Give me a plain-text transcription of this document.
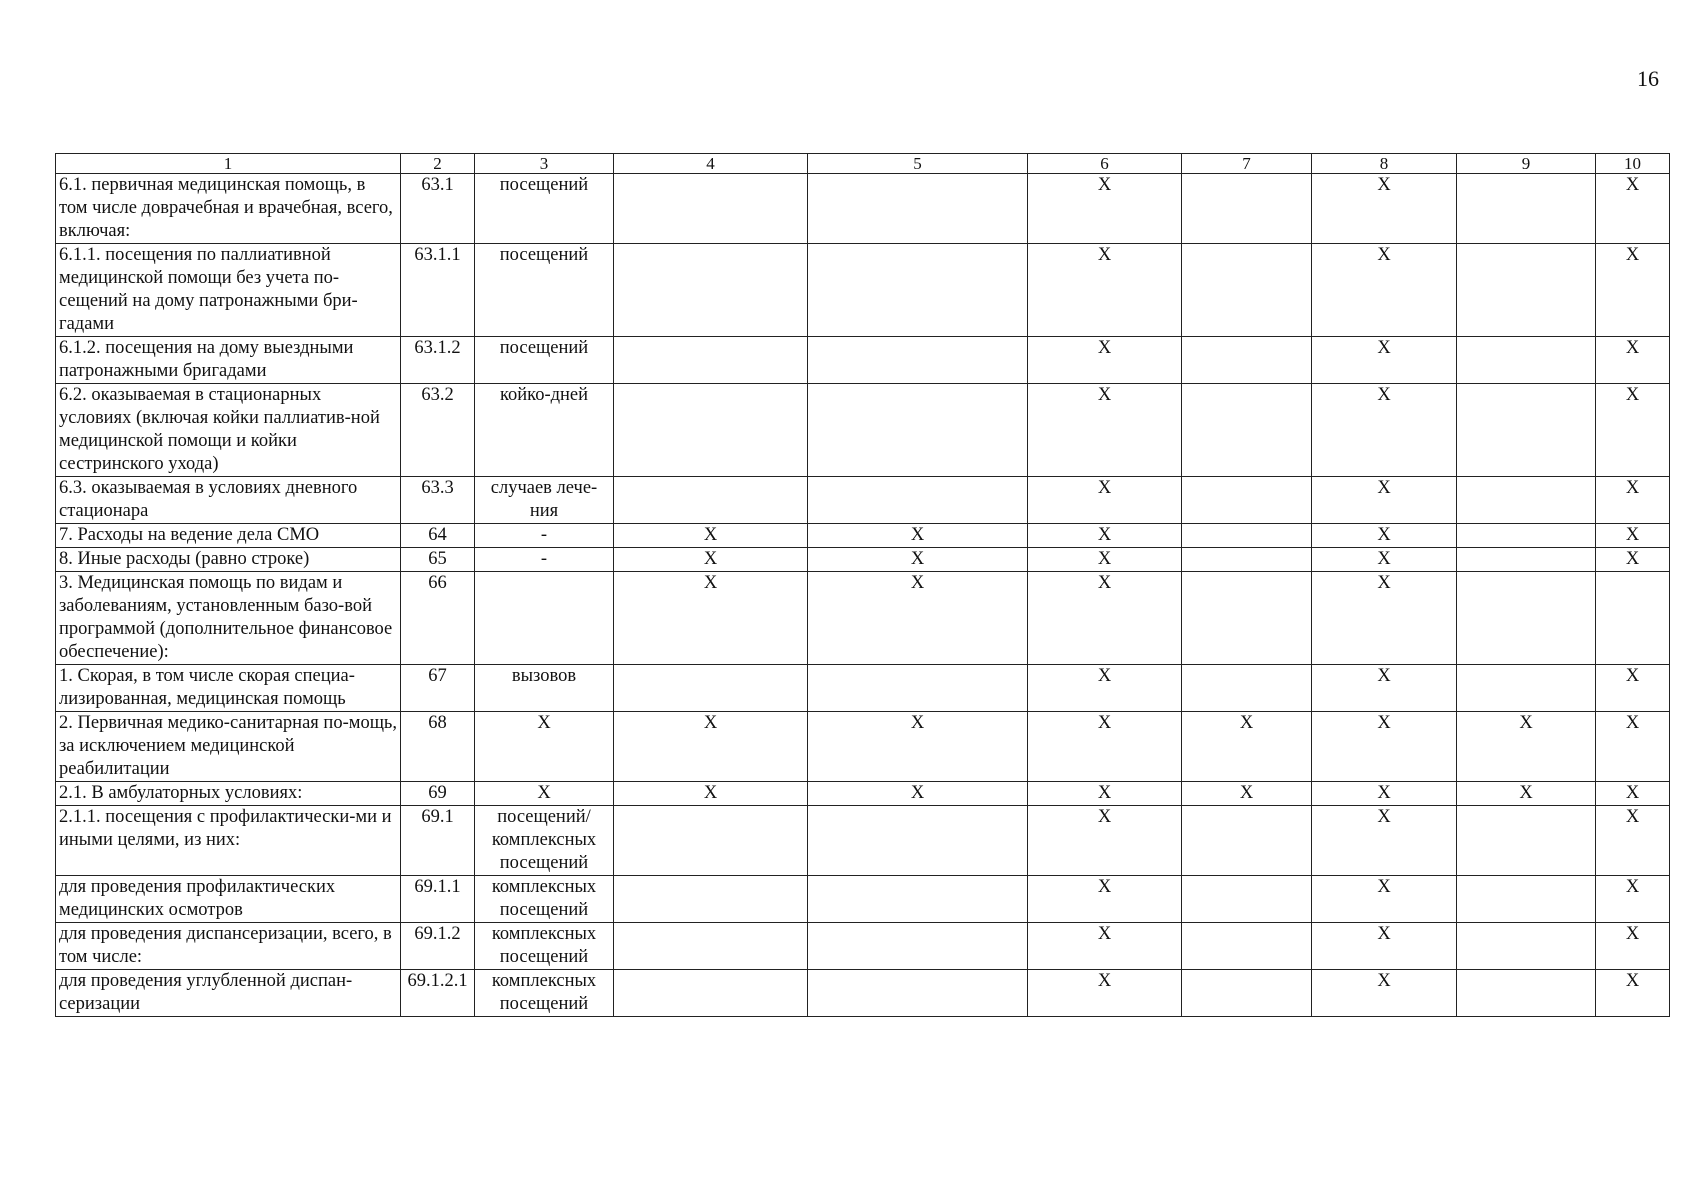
16
1	2	3	4	5	6	7	8	9	10
6.1. первичная медицинская помощь, в том числе доврачебная и врачебная, всего, включая:	63.1	посещений			X		X		X
6.1.1. посещения по паллиативной медицинской помощи без учета по-сещений на дому патронажными бри-гадами	63.1.1	посещений			X		X		X
6.1.2. посещения на дому выездными патронажными бригадами	63.1.2	посещений			X		X		X
6.2. оказываемая в стационарных условиях (включая койки паллиатив-ной медицинской помощи и койки сестринского ухода)	63.2	койко-дней			X		X		X
6.3. оказываемая в условиях дневного стационара	63.3	случаев лече-ния			X		X		X
7. Расходы на ведение дела СМО	64	-	X	X	X		X		X
8. Иные расходы (равно строке)	65	-	X	X	X		X		X
3. Медицинская помощь по видам и заболеваниям, установленным базо-вой программой (дополнительное финансовое обеспечение):	66		X	X	X		X		
1. Скорая, в том числе скорая специа-лизированная, медицинская помощь	67	вызовов			X		X		X
2. Первичная медико-санитарная по-мощь, за исключением медицинской реабилитации	68	X	X	X	X	X	X	X	X
2.1. В амбулаторных условиях:	69	X	X	X	X	X	X	X	X
2.1.1. посещения с профилактически-ми и иными целями, из них:	69.1	посещений/ комплексных посещений			X		X		X
для проведения профилактических медицинских осмотров	69.1.1	комплексных посещений			X		X		X
для проведения диспансеризации, всего, в том числе:	69.1.2	комплексных посещений			X		X		X
для проведения углубленной диспан-серизации	69.1.2.1	комплексных посещений			X		X		X
